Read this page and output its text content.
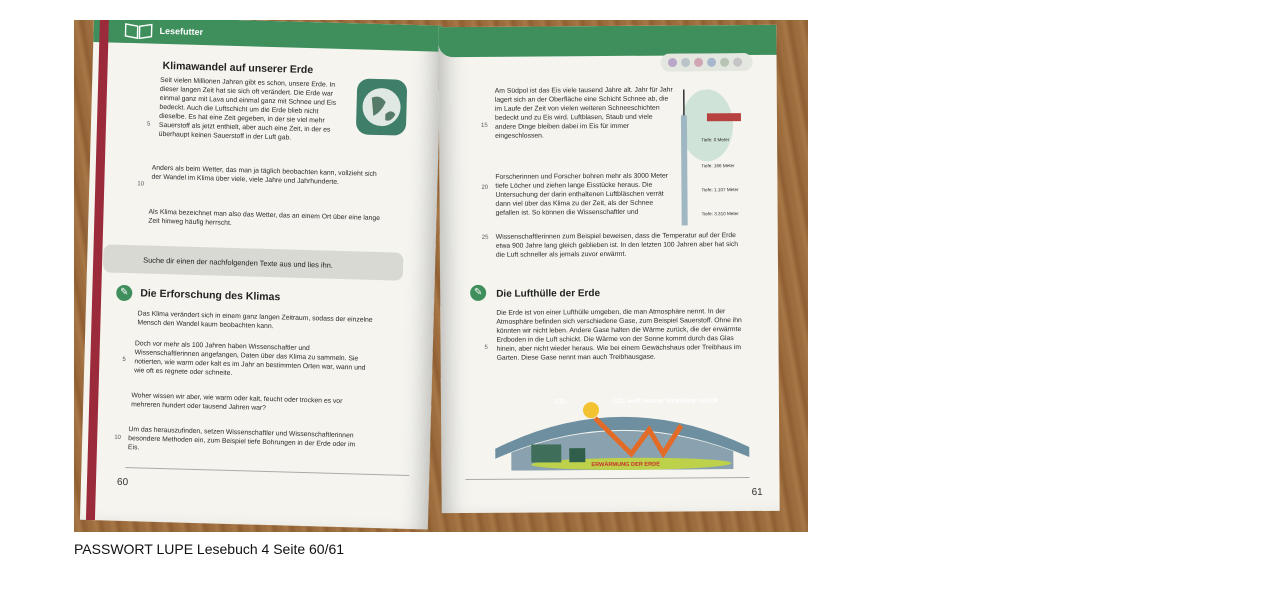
Lesefutter
Klimawandel auf unserer Erde
Seit vielen Millionen Jahren gibt es schon, unsere Erde. In dieser langen Zeit hat sie sich oft verändert. Die Erde war einmal ganz mit Lava und einmal ganz mit Schnee und Eis bedeckt. Auch die Luftschicht um die Erde blieb nicht dieselbe. Es hat eine Zeit gegeben, in der sie viel mehr Sauerstoff als jetzt enthielt, aber auch eine Zeit, in der es überhaupt keinen Sauerstoff in der Luft gab.
5
Anders als beim Wetter, das man ja täglich beobachten kann, vollzieht sich der Wandel im Klima über viele, viele Jahre und Jahrhunderte.
10
Als Klima bezeichnet man also das Wetter, das an einem Ort über eine lange Zeit hinweg häufig herrscht.
Suche dir einen der nachfolgenden Texte aus und lies ihn.
✎	Die Erforschung des Klimas
Das Klima verändert sich in einem ganz langen Zeitraum, sodass der einzelne Mensch den Wandel kaum beobachten kann.
Doch vor mehr als 100 Jahren haben Wissenschaftler und Wissenschaftlerinnen angefangen, Daten über das Klima zu sammeln. Sie notierten, wie warm oder kalt es im Jahr an bestimmten Orten war, wann und wie oft es regnete oder schneite.
5
Woher wissen wir aber, wie warm oder kalt, feucht oder trocken es vor mehreren hundert oder tausend Jahren war?
Um das herauszufinden, setzen Wissenschaftler und Wissenschaftlerinnen besondere Methoden ein, zum Beispiel tiefe Bohrungen in der Erde oder im Eis.
10
60
Am Südpol ist das Eis viele tausend Jahre alt. Jahr für Jahr lagert sich an der Oberfläche eine Schicht Schnee ab, die im Laufe der Zeit von vielen weiteren Schneeschichten bedeckt und zu Eis wird. Luftblasen, Staub und viele andere Dinge bleiben dabei im Eis für immer eingeschlossen.
15
Forscherinnen und Forscher bohren mehr als 3000 Meter tiefe Löcher und ziehen lange Eisstücke heraus. Die Untersuchung der darin enthaltenen Luftbläschen verrät dann viel über das Klima zu der Zeit, als der Schnee gefallen ist. So können die Wissenschaftler und
20
Wissenschaftlerinnen zum Beispiel beweisen, dass die Temperatur auf der Erde etwa 900 Jahre lang gleich geblieben ist. In den letzten 100 Jahren aber hat sich die Luft schneller als jemals zuvor erwärmt.
25
Tiefe: 0 Meter
Tiefe: 166 Meter
Tiefe: 1.107 Meter
Tiefe: 3.310 Meter
✎	Die Lufthülle der Erde
Die Erde ist von einer Lufthülle umgeben, die man Atmosphäre nennt. In der Atmosphäre befinden sich verschiedene Gase, zum Beispiel Sauerstoff. Ohne ihn könnten wir nicht leben. Andere Gase halten die Wärme zurück, die der erwärmte Erdboden in die Luft schickt. Die Wärme von der Sonne kommt durch das Glas hinein, aber nicht wieder heraus. Wie bei einem Gewächshaus oder Treibhaus im Garten. Diese Gase nennt man auch Treibhausgase.
5
CO₂	CO₂ wirft warme Strahlung zurück
ERWÄRMUNG DER ERDE
61
PASSWORT LUPE Lesebuch 4 Seite 60/61
